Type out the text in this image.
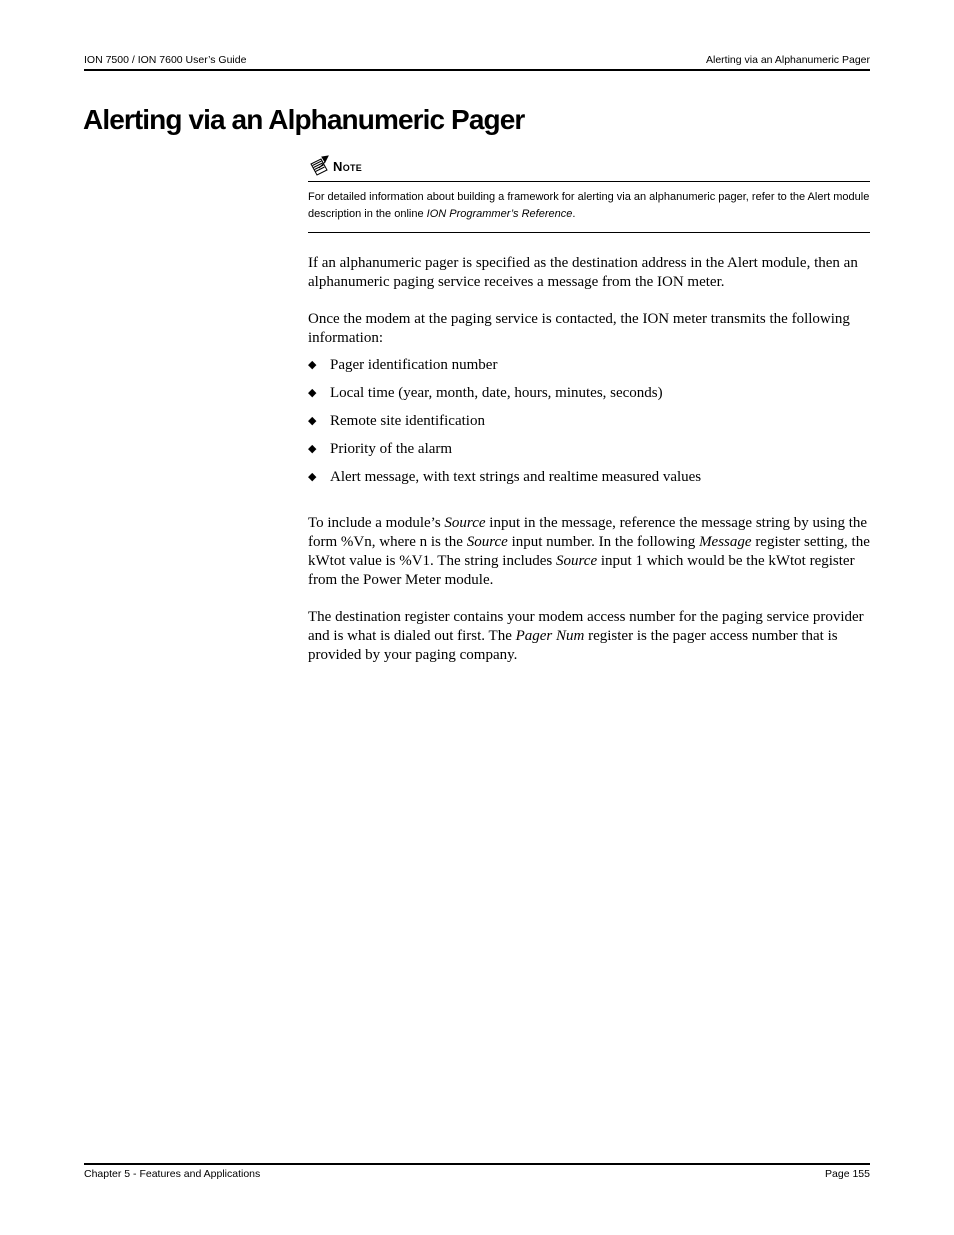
ION 7500 / ION 7600 User’s Guide	Alerting via an Alphanumeric Pager
Alerting via an Alphanumeric Pager
Note

For detailed information about building a framework for alerting via an alphanumeric pager, refer to the Alert module description in the online ION Programmer’s Reference.

If an alphanumeric pager is specified as the destination address in the Alert module, then an alphanumeric paging service receives a message from the ION meter.

Once the modem at the paging service is contacted, the ION meter transmits the following information:

◆ Pager identification number
◆ Local time (year, month, date, hours, minutes, seconds)
◆ Remote site identification
◆ Priority of the alarm
◆ Alert message, with text strings and realtime measured values

To include a module’s Source input in the message, reference the message string by using the form %Vn, where n is the Source input number. In the following Message register setting, the kWtot value is %V1. The string includes Source input 1 which would be the kWtot register from the Power Meter module.

The destination register contains your modem access number for the paging service provider and is what is dialed out first. The Pager Num register is the pager access number that is provided by your paging company.

Chapter 5 - Features and Applications	Page 155
